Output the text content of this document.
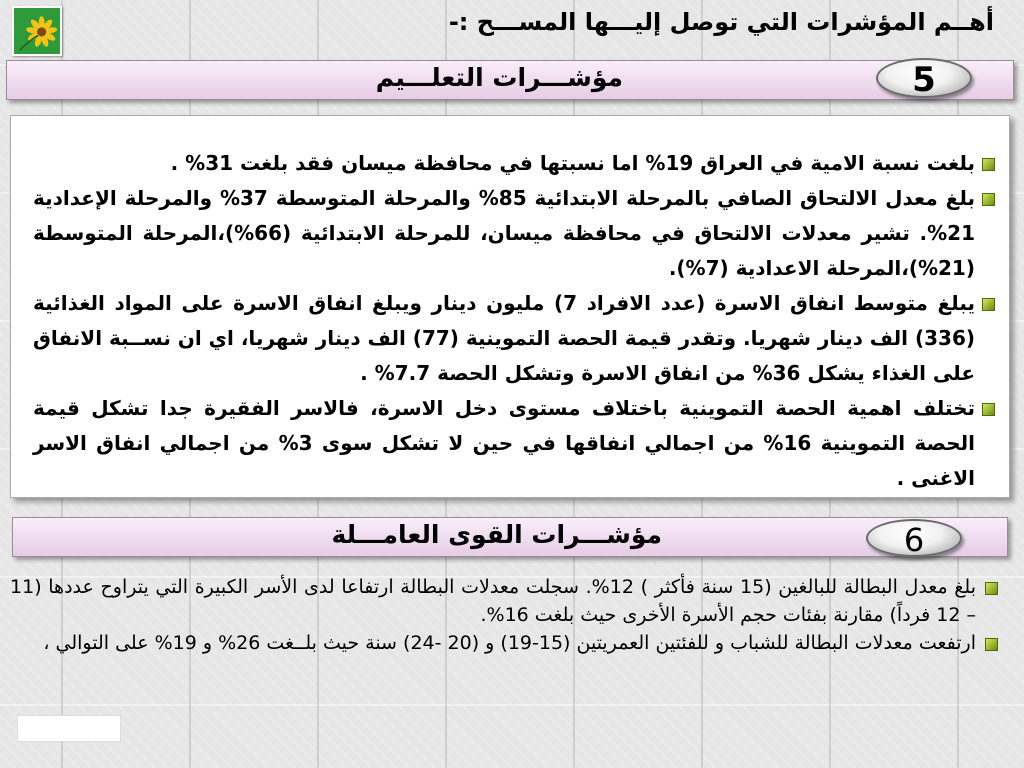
أهــم المؤشرات التي توصل إليـــها المســـح :-
مؤشـــرات التعلـــيم	5
بلغت نسبة الامية في العراق 19% اما نسبتها في محافظة ميسان فقد بلغت 31% .
بلغ معدل الالتحاق الصافي بالمرحلة الابتدائية 85% والمرحلة المتوسطة 37% والمرحلة الإعدادية 21%. تشير معدلات الالتحاق في محافظة ميسان، للمرحلة الابتدائية (66%)،المرحلة المتوسطة (21%)،المرحلة الاعدادية (7%).
يبلغ متوسط انفاق الاسرة (عدد الافراد 7) مليون دينار ويبلغ انفاق الاسرة على المواد الغذائية (336) الف دينار شهريا. وتقدر قيمة الحصة التموينية (77) الف دينار شهريا، اي ان نســبة الانفاق على الغذاء يشكل 36% من انفاق الاسرة وتشكل الحصة 7.7% .
تختلف اهمية الحصة التموينية باختلاف مستوى دخل الاسرة، فالاسر الفقيرة جدا تشكل قيمة الحصة التموينية 16% من اجمالي انفاقها في حين لا تشكل سوى 3% من اجمالي انفاق الاسر الاغنى .
مؤشـــرات القوى العامـــلة	6
بلغ معدل البطالة للبالغين (15 سنة فأكثر ) 12%. سجلت معدلات البطالة ارتفاعا لدى الأسر الكبيرة التي يتراوح عددها (11 – 12 فرداً) مقارنة بفئات حجم الأسرة الأخرى حيث بلغت 16%.
ارتفعت معدلات البطالة للشباب و للفئتين العمريتين (15-19) و (20 -24) سنة حيث بلــغت 26% و 19% على التوالي ،
